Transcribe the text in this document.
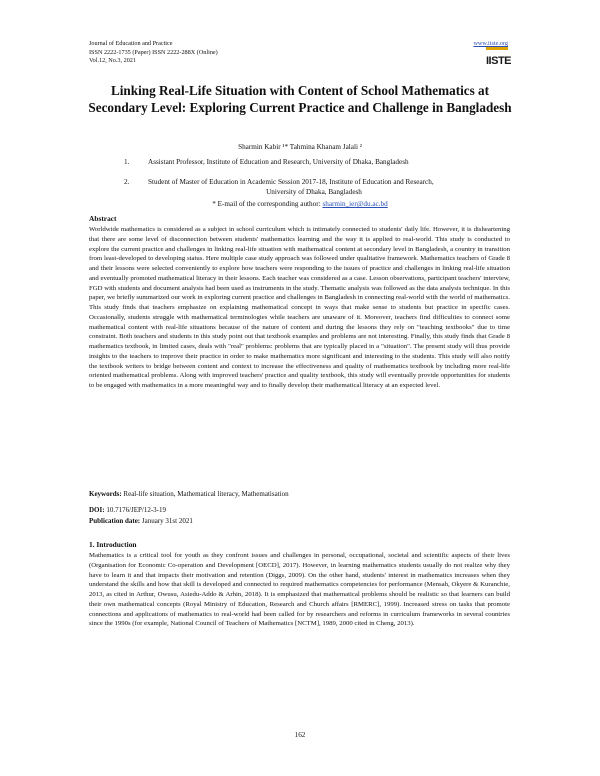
Journal of Education and Practice
ISSN 2222-1735 (Paper) ISSN 2222-288X (Online)
Vol.12, No.3, 2021
www.iiste.org
IISTE
Linking Real-Life Situation with Content of School Mathematics at Secondary Level: Exploring Current Practice and Challenge in Bangladesh
Sharmin Kabir ¹* Tahmina Khanam Jalali ²
1.	Assistant Professor, Institute of Education and Research, University of Dhaka, Bangladesh
2.	Student of Master of Education in Academic Session 2017-18, Institute of Education and Research,
University of Dhaka, Bangladesh
* E-mail of the corresponding author: sharmin_ier@du.ac.bd
Abstract
Worldwide mathematics is considered as a subject in school curriculum which is intimately connected to students' daily life. However, it is disheartening that there are some level of disconnection between students' mathematics learning and the way it is applied to real-world. This study is conducted to explore the current practice and challenges in linking real-life situation with mathematical content at secondary level in Bangladesh, a country in transition from least-developed to developing status. Here multiple case study approach was followed under qualitative framework. Mathematics teachers of Grade 8 and their lessons were selected conveniently to explore how teachers were responding to the issues of practice and challenges in linking real-life situation and eventually promoted mathematical literacy in their lessons. Each teacher was considered as a case. Lesson observations, participant teachers' interview, FGD with students and document analysis had been used as instruments in the study. Thematic analysis was followed as the data analysis technique. In this paper, we briefly summarized our work in exploring current practice and challenges in Bangladesh in connecting real-world with the world of mathematics. This study finds that teachers emphasize on explaining mathematical concept in ways that make sense to students but practice in specific cases. Occasionally, students struggle with mathematical terminologies while teachers are unaware of it. Moreover, teachers find difficulties to connect some mathematical content with real-life situations because of the nature of content and during the lessons they rely on "teaching textbooks" due to time constraint. Both teachers and students in this study point out that textbook examples and problems are not interesting. Finally, this study finds that Grade 8 mathematics textbook, in limited cases, deals with "real" problems: problems that are typically placed in a "situation". The present study will thus provide insights to the teachers to improve their practice in order to make mathematics more significant and interesting to the students. This study will also notify the textbook writers to bridge between content and context to increase the effectiveness and quality of mathematics textbook by including more real-life oriented mathematical problems. Along with improved teachers' practice and quality textbook, this study will eventually provide opportunities for students to be engaged with mathematics in a more meaningful way and to finally develop their mathematical literacy at an expected level.
Keywords: Real-life situation, Mathematical literacy, Mathematisation
DOI: 10.7176/JEP/12-3-19
Publication date: January 31st 2021
1. Introduction
Mathematics is a critical tool for youth as they confront issues and challenges in personal, occupational, societal and scientific aspects of their lives (Organisation for Economic Co-operation and Development [OECD], 2017). However, in learning mathematics students usually do not realize why they have to learn it and that impacts their motivation and retention (Diggs, 2009). On the other hand, students' interest in mathematics increases when they understand the skills and how that skill is developed and connected to required mathematics competencies for performance (Mensah, Okyere & Kuranchie, 2013, as cited in Arthur, Owusu, Asiedu-Addo & Arhin, 2018). It is emphasized that mathematical problems should be realistic so that learners can build their own mathematical concepts (Royal Ministry of Education, Research and Church affairs [RMERC], 1999). Increased stress on tasks that promote connections and applications of mathematics to real-world had been called for by researchers and reforms in curriculum frameworks in several countries since the 1990s (for example, National Council of Teachers of Mathematics [NCTM], 1989, 2000 cited in Cheng, 2013).
162
